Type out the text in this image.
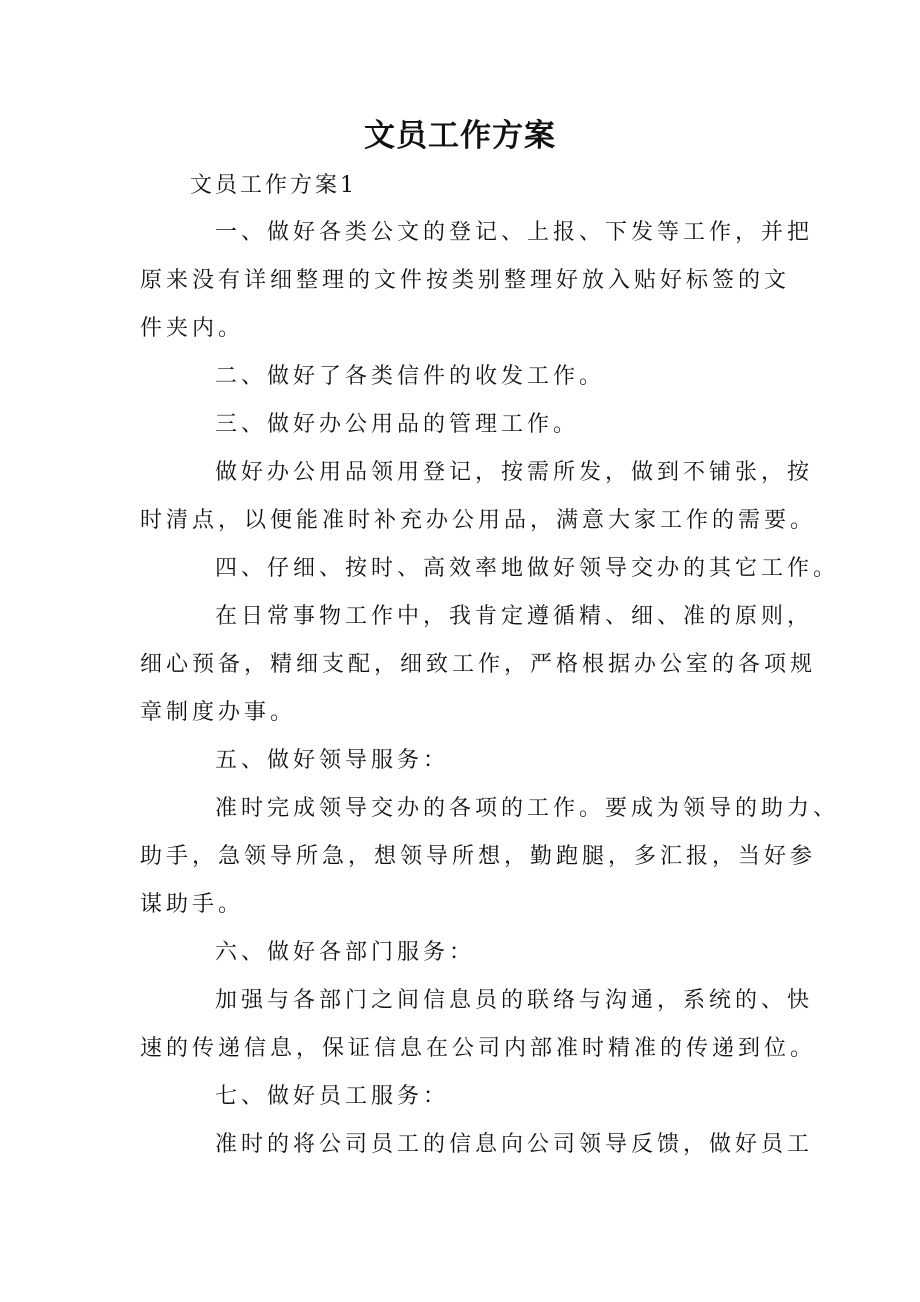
文员工作方案

文员工作方案1

一、做好各类公文的登记、上报、下发等工作，并把

原来没有详细整理的文件按类别整理好放入贴好标签的文

件夹内。

二、做好了各类信件的收发工作。

三、做好办公用品的管理工作。

做好办公用品领用登记，按需所发，做到不铺张，按

时清点，以便能准时补充办公用品，满意大家工作的需要。

四、仔细、按时、高效率地做好领导交办的其它工作。

在日常事物工作中，我肯定遵循精、细、准的原则，

细心预备，精细支配，细致工作，严格根据办公室的各项规

章制度办事。

五、做好领导服务：

准时完成领导交办的各项的工作。要成为领导的助力、

助手，急领导所急，想领导所想，勤跑腿，多汇报，当好参

谋助手。

六、做好各部门服务：

加强与各部门之间信息员的联络与沟通，系统的、快

速的传递信息，保证信息在公司内部准时精准的传递到位。

七、做好员工服务：

准时的将公司员工的信息向公司领导反馈，做好员工
